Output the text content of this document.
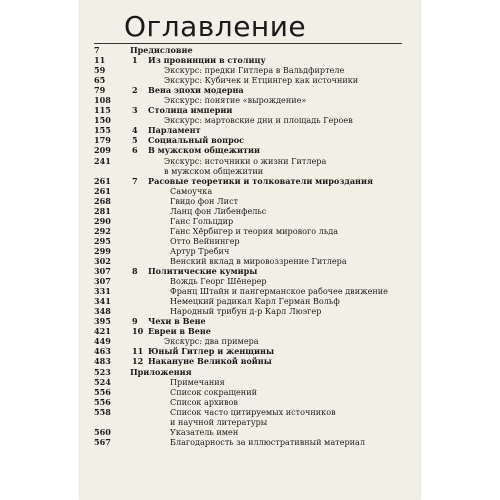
Оглавление
7	Предисловие
11	1 Из провинции в столицу
59	Экскурс: предки Гитлера в Вальдфиртеле
65	Экскурс: Кубичек и Етцингер как источники
79	2 Вена эпохи модерна
108	Экскурс: понятие «вырождение»
115	3 Столица империи
150	Экскурс: мартовские дни и площадь Героев
155	4 Парламент
179	5 Социальный вопрос
209	6 В мужском общежитии
241	Экскурс: источники о жизни Гитлера
в мужском общежитии
261	7 Расовые теоретики и толкователи мироздания
261	Самоучка
268	Гвидо фон Лист
281	Ланц фон Либенфельс
290	Ганс Гольцдир
292	Ганс Хёрбигер и теория мирового льда
295	Отто Вейнингер
299	Артур Требич
302	Венский вклад в мировоззрение Гитлера
307	8 Политические кумиры
307	Вождь Георг Шёнерер
331	Франц Штайн и пангерманское рабочее движение
341	Немецкий радикал Карл Герман Вольф
348	Народный трибун д-р Карл Люэгер
395	9 Чехи в Вене
421	10 Евреи в Вене
449	Экскурс: два примера
463	11 Юный Гитлер и женщины
483	12 Накануне Великой войны
523 Приложения
524	Примечания
556	Список сокращений
556	Список архивов
558	Список часто цитируемых источников
и научной литературы
560	Указатель имен
567	Благодарность за иллюстративный материал
